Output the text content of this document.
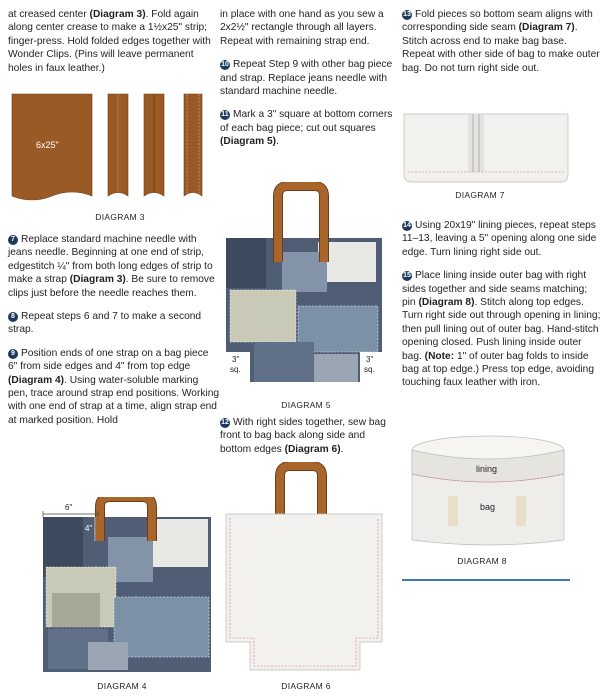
at creased center (Diagram 3). Fold again along center crease to make a 1½x25" strip; finger-press. Hold folded edges together with Wonder Clips. (Pins will leave permanent holes in faux leather.)

6x25"
DIAGRAM 3

7 Replace standard machine needle with jeans needle. Beginning at one end of strip, edgestitch ¼" from both long edges of strip to make a strap (Diagram 3). Be sure to remove clips just before the needle reaches them.

8 Repeat steps 6 and 7 to make a second strap.

9 Position ends of one strap on a bag piece 6" from side edges and 4" from top edge (Diagram 4). Using water-soluble marking pen, trace around strap end positions. Working with one end of strap at a time, align strap end at marked position. Hold

6"
4"
DIAGRAM 4

in place with one hand as you sew a 2x2½" rectangle through all layers. Repeat with remaining strap end.

10 Repeat Step 9 with other bag piece and strap. Replace jeans needle with standard machine needle.

11 Mark a 3" square at bottom corners of each bag piece; cut out squares (Diagram 5).

3"
sq.
3"
sq.
DIAGRAM 5

12 With right sides together, sew bag front to bag back along side and bottom edges (Diagram 6).

DIAGRAM 6

13 Fold pieces so bottom seam aligns with corresponding side seam (Diagram 7). Stitch across end to make bag base. Repeat with other side of bag to make outer bag. Do not turn right side out.

DIAGRAM 7

14 Using 20x19" lining pieces, repeat steps 11–13, leaving a 5" opening along one side edge. Turn lining right side out.

15 Place lining inside outer bag with right sides together and side seams matching; pin (Diagram 8). Stitch along top edges. Turn right side out through opening in lining; then pull lining out of outer bag. Hand-stitch opening closed. Push lining inside outer bag. (Note: 1" of outer bag folds to inside bag at top edge.) Press top edge, avoiding touching faux leather with iron.

lining
bag
DIAGRAM 8
